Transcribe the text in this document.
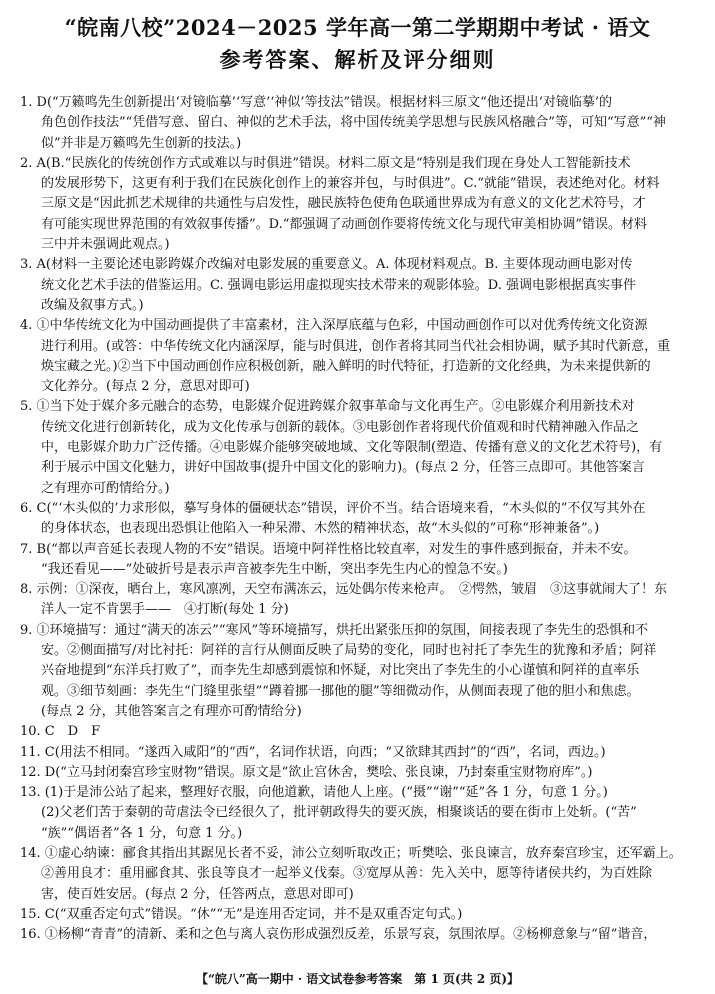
“皖南八校”2024－2025 学年高一第二学期期中考试 · 语文
参考答案、解析及评分细则
1. D(“万籁鸣先生创新提出‘对镜临摹’‘写意’‘神似’等技法”错误。根据材料三原文“他还提出‘对镜临摹’的
角色创作技法”“凭借写意、留白、神似的艺术手法，将中国传统美学思想与民族风格融合”等，可知“写意”“神
似”并非是万籁鸣先生创新的技法。)
2. A(B.“民族化的传统创作方式或难以与时俱进”错误。材料二原文是“特别是我们现在身处人工智能新技术
的发展形势下，这更有利于我们在民族化创作上的兼容并包，与时俱进”。C.“就能”错误，表述绝对化。材料
三原文是“因此抓艺术规律的共通性与启发性，融民族特色使角色联通世界成为有意义的文化艺术符号，才
有可能实现世界范围的有效叙事传播”。D.“都强调了动画创作要将传统文化与现代审美相协调”错误。材料
三中并未强调此观点。)
3. A(材料一主要论述电影跨媒介改编对电影发展的重要意义。A. 体现材料观点。B. 主要体现动画电影对传
统文化艺术手法的借鉴运用。C. 强调电影运用虚拟现实技术带来的观影体验。D. 强调电影根据真实事件
改编及叙事方式。)
4. ①中华传统文化为中国动画提供了丰富素材，注入深厚底蕴与色彩，中国动画创作可以对优秀传统文化资源
进行利用。(或答：中华传统文化内涵深厚，能与时俱进，创作者将其同当代社会相协调，赋予其时代新意，重
焕宝藏之光。)②当下中国动画创作应积极创新，融入鲜明的时代特征，打造新的文化经典，为未来提供新的
文化养分。(每点 2 分，意思对即可)
5. ①当下处于媒介多元融合的态势，电影媒介促进跨媒介叙事革命与文化再生产。②电影媒介利用新技术对
传统文化进行创新转化，成为文化传承与创新的载体。③电影创作者将现代价值观和时代精神融入作品之
中，电影媒介助力广泛传播。④电影媒介能够突破地域、文化等限制(塑造、传播有意义的文化艺术符号)，有
利于展示中国文化魅力，讲好中国故事(提升中国文化的影响力)。(每点 2 分，任答三点即可。其他答案言
之有理亦可酌情给分。)
6. C(“‘木头似的’力求形似，摹写身体的僵硬状态”错误，评价不当。结合语境来看，“木头似的”不仅写其外在
的身体状态，也表现出恐惧让他陷入一种呆滞、木然的精神状态，故“木头似的”可称“形神兼备”。)
7. B(“都以声音延长表现人物的不安”错误。语境中阿祥性格比较直率，对发生的事件感到振奋，并未不安。
“我还看见——”处破折号是表示声音被李先生中断，突出李先生内心的惶急不安。)
8. 示例：①深夜，晒台上，寒风凛冽，天空布满冻云，远处偶尔传来枪声。　②愕然，皱眉　③这事就闹大了！东
洋人一定不肯罢手——　④打断(每处 1 分)
9. ①环境描写：通过“满天的冻云”“寒风”等环境描写，烘托出紧张压抑的氛围，间接表现了李先生的恐惧和不
安。②侧面描写/对比衬托：阿祥的言行从侧面反映了局势的变化，同时也衬托了李先生的犹豫和矛盾；阿祥
兴奋地提到“东洋兵打败了”，而李先生却感到震惊和怀疑，对比突出了李先生的小心谨慎和阿祥的直率乐
观。③细节刻画：李先生“门缝里张望”“蹲着挪一挪他的腿”等细微动作，从侧面表现了他的胆小和焦虑。
(每点 2 分，其他答案言之有理亦可酌情给分)
10. C　D　F
11. C(用法不相同。“遂西入咸阳”的“西”，名词作状语，向西；“又欲肆其西封”的“西”，名词，西边。)
12. D(“立马封闭秦宫珍宝财物”错误。原文是“欲止宫休舍，樊哙、张良谏，乃封秦重宝财物府库”。)
13. (1)于是沛公站了起来，整理好衣服，向他道歉，请他人上座。(“摄”“谢”“延”各 1 分，句意 1 分。)
(2)父老们苦于秦朝的苛虐法令已经很久了，批评朝政得失的要灭族，相聚谈话的要在街市上处斩。(“苦”
“族”“偶语者”各 1 分，句意 1 分。)
14. ①虚心纳谏：郦食其指出其踞见长者不妥，沛公立刻听取改正；听樊哙、张良谏言，放弃秦宫珍宝，还军霸上。
②善用良才：重用郦食其、张良等良才一起举义伐秦。③宽厚从善：先入关中，愿等待诸侯共约，为百姓除
害，使百姓安居。(每点 2 分，任答两点，意思对即可)
15. C(“双重否定句式”错误。“休”“无”是连用否定词，并不是双重否定句式。)
16. ①杨柳“青青”的清新、柔和之色与离人哀伤形成强烈反差，乐景写哀，氛围浓厚。②杨柳意象与“留”谐音，
【“皖八”高一期中 · 语文试卷参考答案　第 1 页(共 2 页)】
